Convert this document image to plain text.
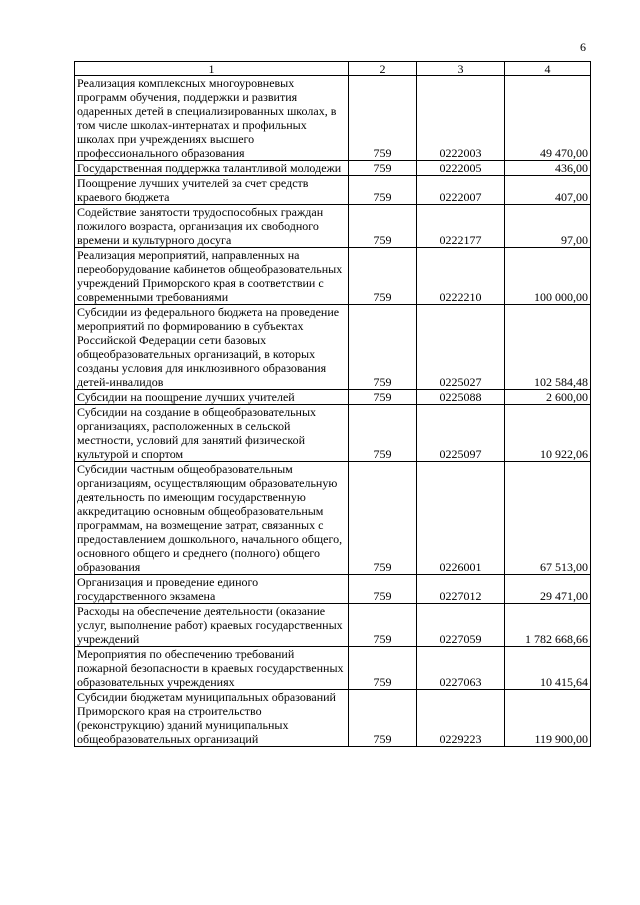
6
1	2	3	4
Реализация комплексных многоуровневых программ обучения, поддержки и развития одаренных детей в специализированных школах, в том числе школах-интернатах и профильных школах при учреждениях высшего профессионального образования	759	0222003	49 470,00
Государственная поддержка талантливой молодежи	759	0222005	436,00
Поощрение лучших учителей за счет средств краевого бюджета	759	0222007	407,00
Содействие занятости трудоспособных граждан пожилого возраста, организация их свободного времени и культурного досуга	759	0222177	97,00
Реализация мероприятий, направленных на переоборудование кабинетов общеобразовательных учреждений Приморского края в соответствии с современными требованиями	759	0222210	100 000,00
Субсидии из федерального бюджета на проведение мероприятий по формированию в субъектах Российской Федерации сети базовых общеобразовательных организаций, в которых созданы условия для инклюзивного образования детей-инвалидов	759	0225027	102 584,48
Субсидии на поощрение лучших учителей	759	0225088	2 600,00
Субсидии на создание в общеобразовательных организациях, расположенных в сельской местности, условий для занятий физической культурой и спортом	759	0225097	10 922,06
Субсидии частным общеобразовательным организациям, осуществляющим образовательную деятельность по имеющим государственную аккредитацию основным общеобразовательным программам, на возмещение затрат, связанных с предоставлением дошкольного, начального общего, основного общего и среднего (полного) общего образования	759	0226001	67 513,00
Организация и проведение единого государственного экзамена	759	0227012	29 471,00
Расходы на обеспечение деятельности (оказание услуг, выполнение работ) краевых государственных учреждений	759	0227059	1 782 668,66
Мероприятия по обеспечению требований пожарной безопасности в краевых государственных образовательных учреждениях	759	0227063	10 415,64
Субсидии бюджетам муниципальных образований Приморского края на строительство (реконструкцию) зданий муниципальных общеобразовательных организаций	759	0229223	119 900,00
